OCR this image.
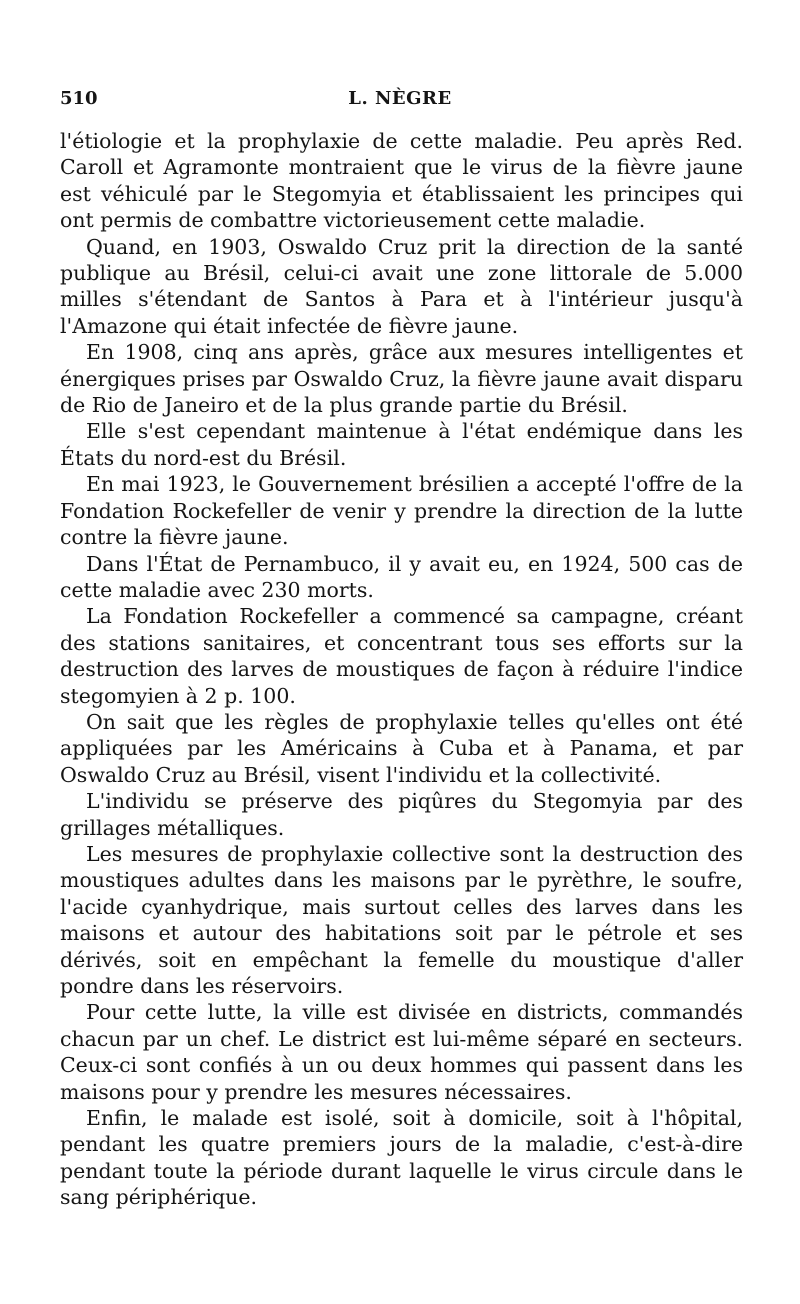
510	L. NÈGRE

l'étiologie et la prophylaxie de cette maladie. Peu après Red. Caroll et Agramonte montraient que le virus de la fièvre jaune est véhiculé par le Stegomyia et établissaient les principes qui ont permis de combattre victorieusement cette maladie.

Quand, en 1903, Oswaldo Cruz prit la direction de la santé publique au Brésil, celui-ci avait une zone littorale de 5.000 milles s'étendant de Santos à Para et à l'intérieur jusqu'à l'Amazone qui était infectée de fièvre jaune.

En 1908, cinq ans après, grâce aux mesures intelligentes et énergiques prises par Oswaldo Cruz, la fièvre jaune avait disparu de Rio de Janeiro et de la plus grande partie du Brésil.

Elle s'est cependant maintenue à l'état endémique dans les États du nord-est du Brésil.

En mai 1923, le Gouvernement brésilien a accepté l'offre de la Fondation Rockefeller de venir y prendre la direction de la lutte contre la fièvre jaune.

Dans l'État de Pernambuco, il y avait eu, en 1924, 500 cas de cette maladie avec 230 morts.

La Fondation Rockefeller a commencé sa campagne, créant des stations sanitaires, et concentrant tous ses efforts sur la destruction des larves de moustiques de façon à réduire l'indice stegomyien à 2 p. 100.

On sait que les règles de prophylaxie telles qu'elles ont été appliquées par les Américains à Cuba et à Panama, et par Oswaldo Cruz au Brésil, visent l'individu et la collectivité.

L'individu se préserve des piqûres du Stegomyia par des grillages métalliques.

Les mesures de prophylaxie collective sont la destruction des moustiques adultes dans les maisons par le pyrèthre, le soufre, l'acide cyanhydrique, mais surtout celles des larves dans les maisons et autour des habitations soit par le pétrole et ses dérivés, soit en empêchant la femelle du moustique d'aller pondre dans les réservoirs.

Pour cette lutte, la ville est divisée en districts, commandés chacun par un chef. Le district est lui-même séparé en secteurs. Ceux-ci sont confiés à un ou deux hommes qui passent dans les maisons pour y prendre les mesures nécessaires.

Enfin, le malade est isolé, soit à domicile, soit à l'hôpital, pendant les quatre premiers jours de la maladie, c'est-à-dire pendant toute la période durant laquelle le virus circule dans le sang périphérique.
